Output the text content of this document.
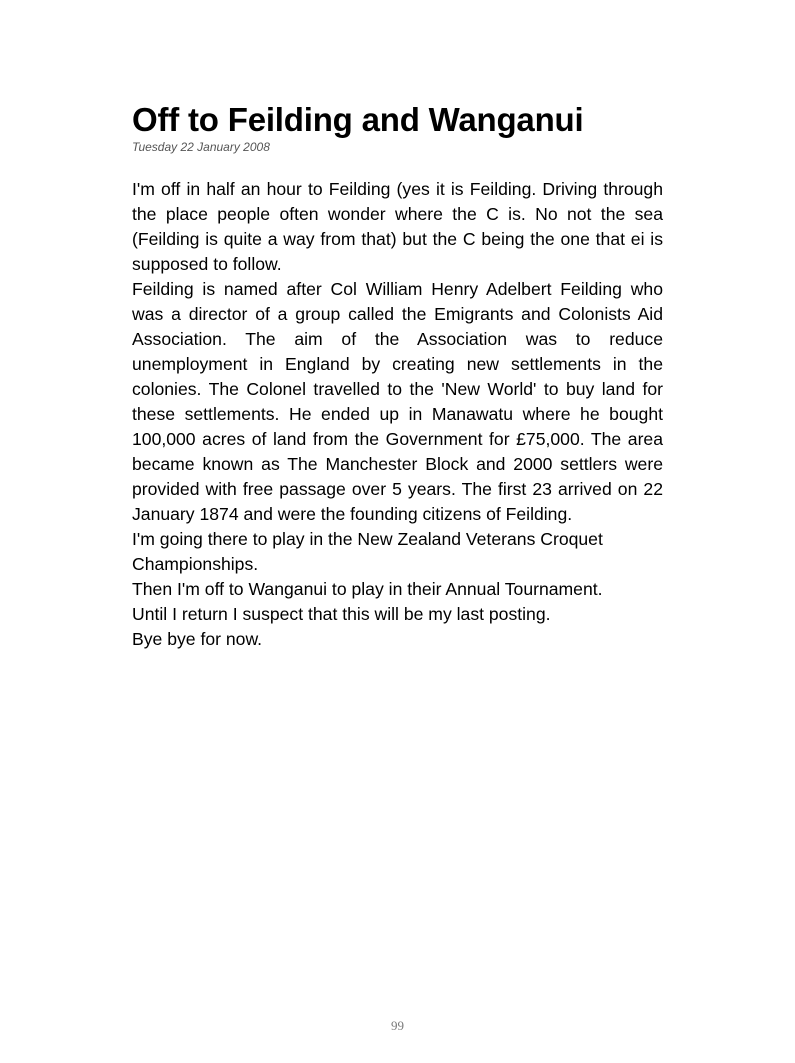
Off to Feilding and Wanganui
Tuesday 22 January 2008

I'm off in half an hour to Feilding (yes it is Feilding. Driving through the place people often wonder where the C is. No not the sea (Feilding is quite a way from that) but the C being the one that ei is supposed to follow.

Feilding is named after Col William Henry Adelbert Feilding who was a director of a group called the Emigrants and Colonists Aid Association. The aim of the Association was to reduce unemployment in England by creating new settlements in the colonies. The Colonel travelled to the 'New World' to buy land for these settlements. He ended up in Manawatu where he bought 100,000 acres of land from the Government for £75,000. The area became known as The Manchester Block and 2000 settlers were provided with free passage over 5 years. The first 23 arrived on 22 January 1874 and were the founding citizens of Feilding.

I'm going there to play in the New Zealand Veterans Croquet Championships.

Then I'm off to Wanganui to play in their Annual Tournament.

Until I return I suspect that this will be my last posting.

Bye bye for now.

99
